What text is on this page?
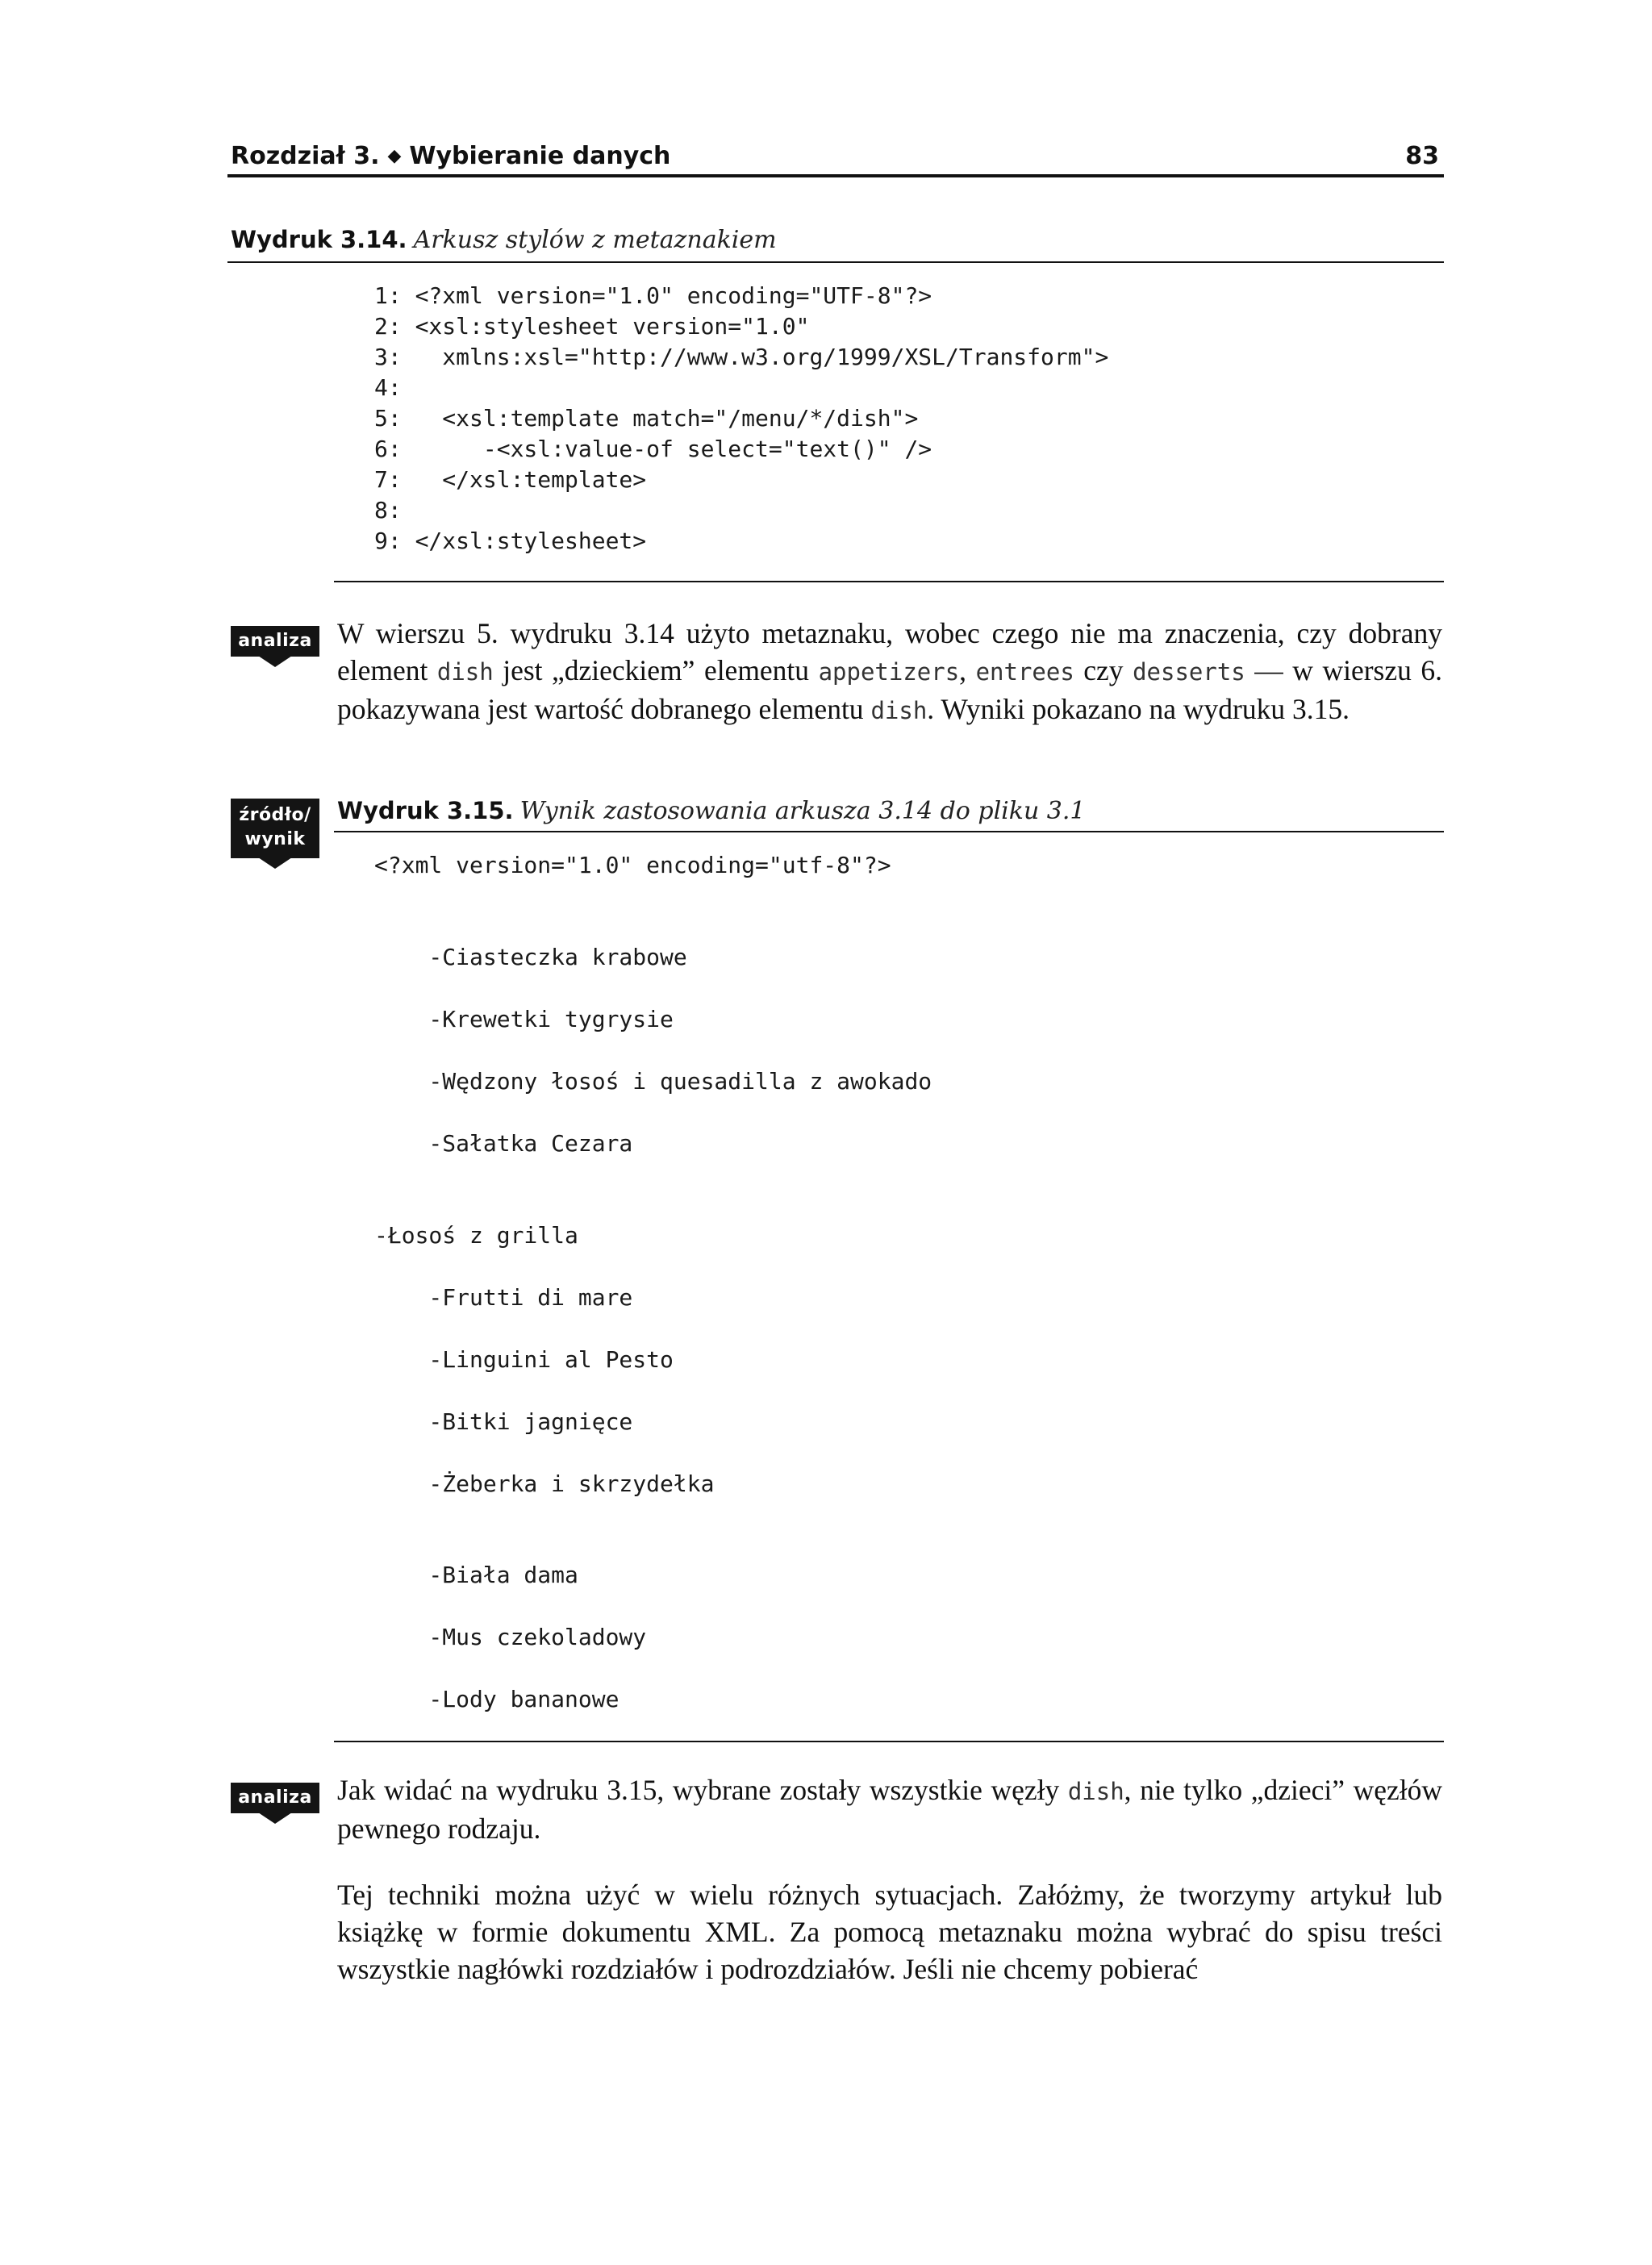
Rozdział 3. ◆ Wybieranie danych	83
Wydruk 3.14. Arkusz stylów z metaznakiem

1: <?xml version="1.0" encoding="UTF-8"?>

2: <xsl:stylesheet version="1.0"

3:   xmlns:xsl="http://www.w3.org/1999/XSL/Transform">

4:

5:   <xsl:template match="/menu/*/dish">

6:      -<xsl:value-of select="text()" />

7:   </xsl:template>

8:

9: </xsl:stylesheet>

analiza W wierszu 5. wydruku 3.14 użyto metaznaku, wobec czego nie ma znaczenia, czy dobrany element dish jest „dzieckiem” elementu appetizers, entrees czy desserts — w wierszu 6. pokazywana jest wartość dobranego elementu dish. Wyniki pokazano na wydruku 3.15.
źródło/
wynik
Wydruk 3.15. Wynik zastosowania arkusza 3.14 do pliku 3.1

<?xml version="1.0" encoding="utf-8"?>

-Ciasteczka krabowe

-Krewetki tygrysie

-Wędzony łosoś i quesadilla z awokado

-Sałatka Cezara

-Łosoś z grilla

-Frutti di mare

-Linguini al Pesto

-Bitki jagnięce

-Żeberka i skrzydełka

-Biała dama

-Mus czekoladowy

-Lody bananowe

analiza Jak widać na wydruku 3.15, wybrane zostały wszystkie węzły dish, nie tylko „dzieci” węzłów pewnego rodzaju.
Tej techniki można użyć w wielu różnych sytuacjach. Załóżmy, że tworzymy artykuł lub książkę w formie dokumentu XML. Za pomocą metaznaku można wybrać do spisu treści wszystkie nagłówki rozdziałów i podrozdziałów. Jeśli nie chcemy pobierać
